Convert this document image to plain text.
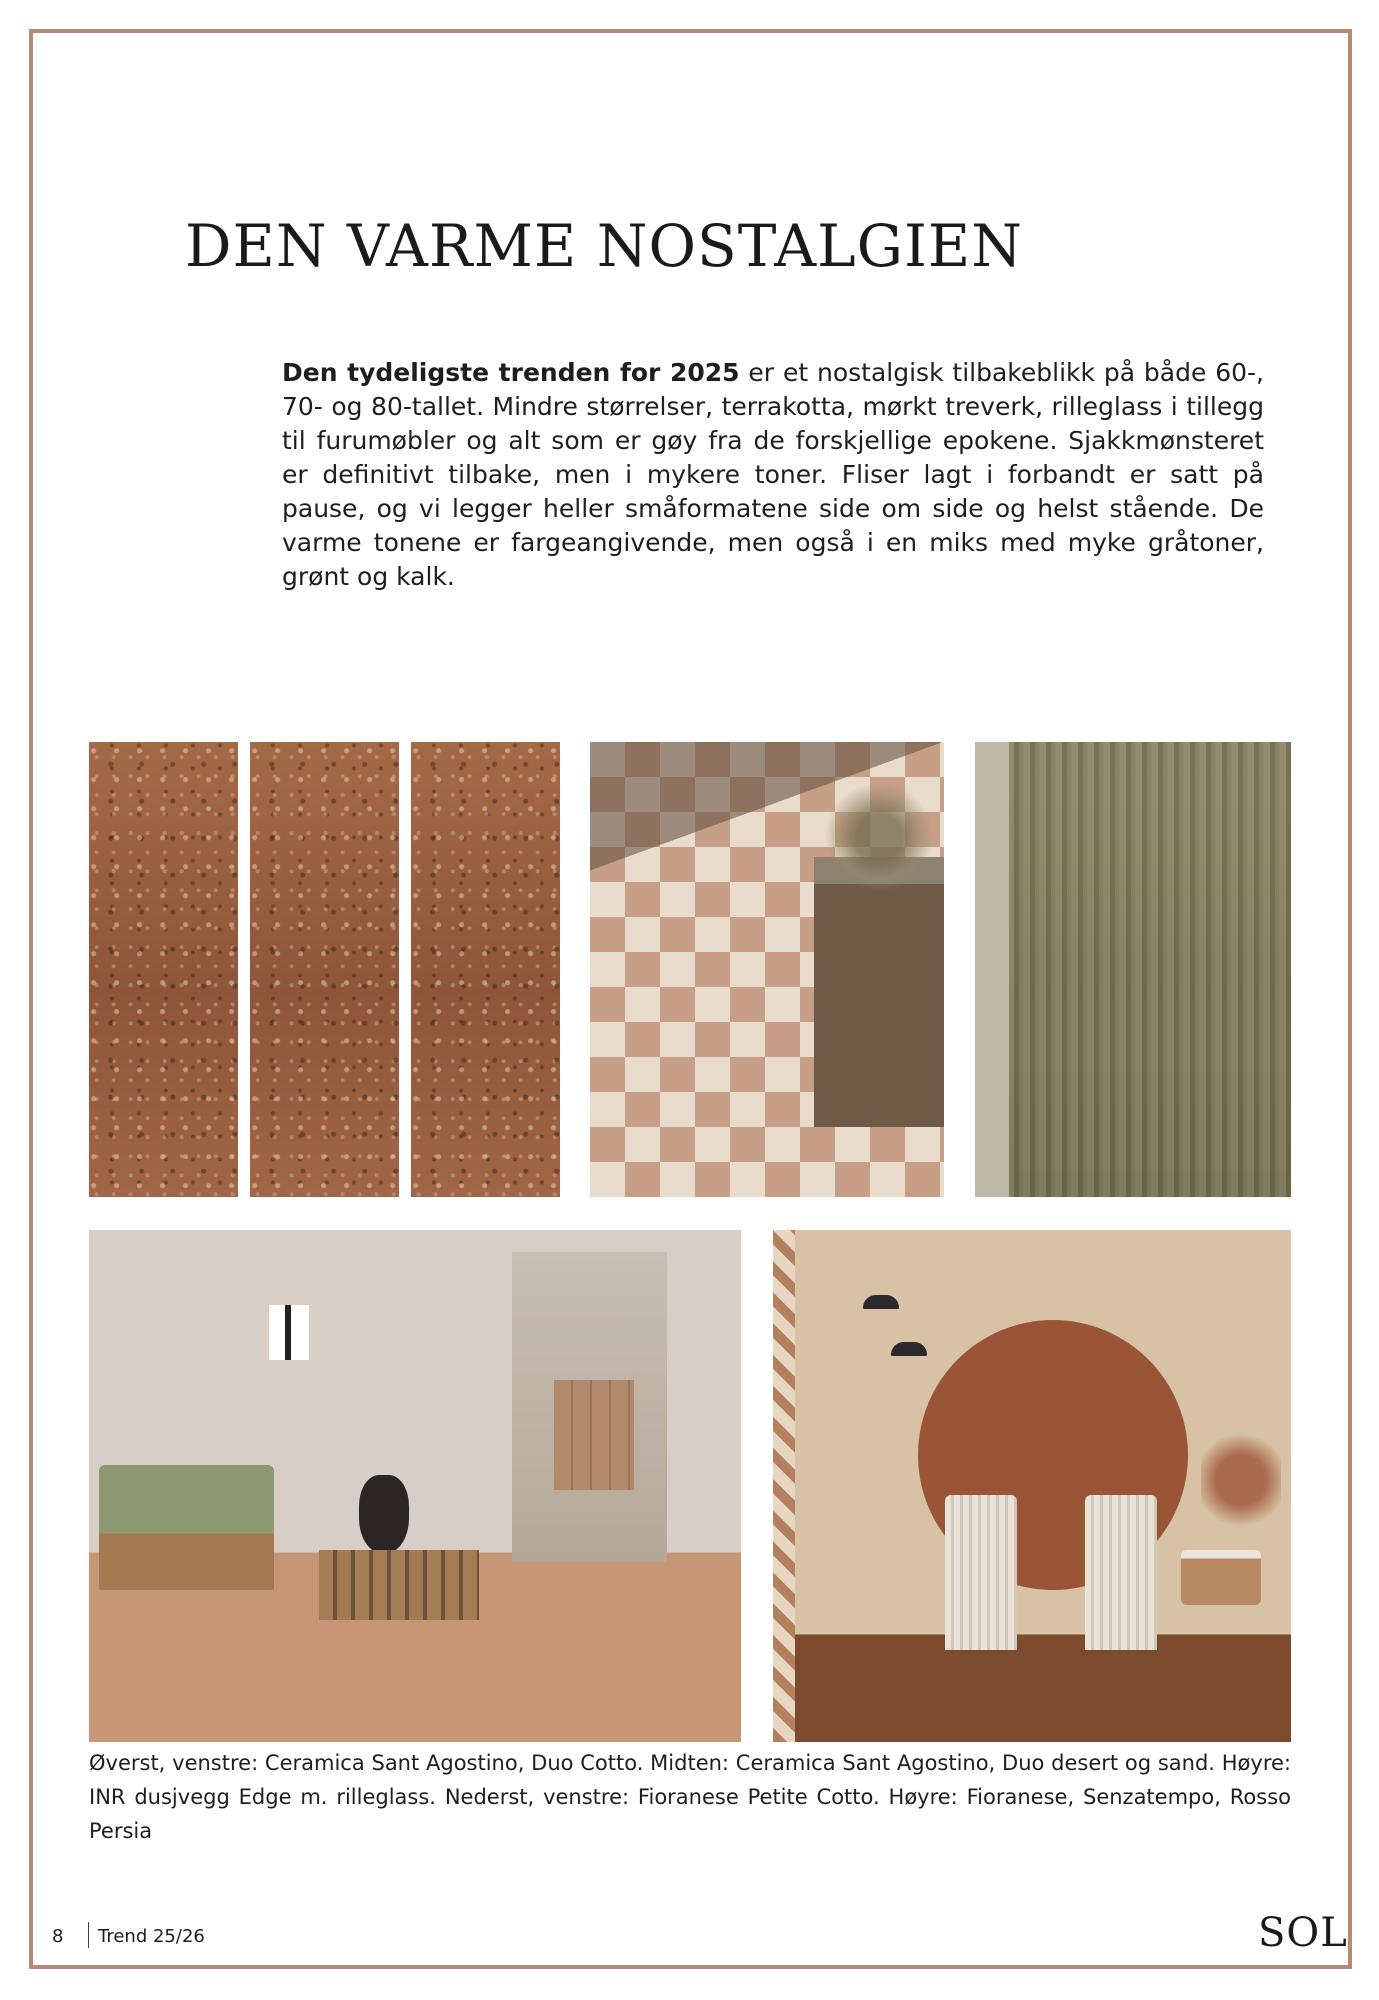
DEN VARME NOSTALGIEN

Den tydeligste trenden for 2025 er et nostalgisk tilbakeblikk på både 60-, 70- og 80-tallet. Mindre størrelser, terrakotta, mørkt treverk, rilleglass i tillegg til furumøbler og alt som er gøy fra de forskjellige epokene. Sjakkmønsteret er definitivt tilbake, men i mykere toner. Fliser lagt i forbandt er satt på pause, og vi legger heller småformatene side om side og helst stående. De varme tonene er fargeangivende, men også i en miks med myke gråtoner, grønt og kalk.

Øverst, venstre: Ceramica Sant Agostino, Duo Cotto. Midten: Ceramica Sant Agostino, Duo desert og sand. Høyre: INR dusjvegg Edge m. rilleglass. Nederst, venstre: Fioranese Petite Cotto. Høyre: Fioranese, Senzatempo, Rosso Persia

8 Trend 25/26	SOL
